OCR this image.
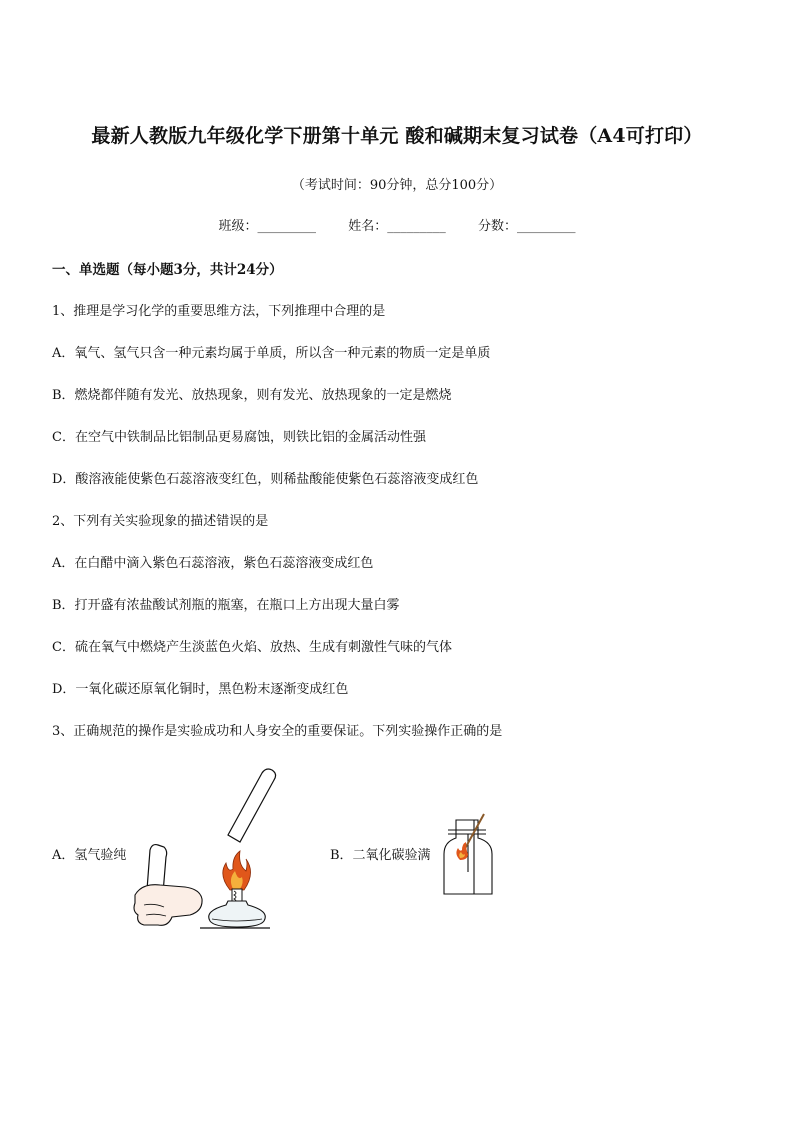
最新人教版九年级化学下册第十单元 酸和碱期末复习试卷（A4可打印）
（考试时间：90分钟，总分100分）
班级：_________ 姓名：_________ 分数：_________
一、单选题（每小题3分，共计24分）
1、推理是学习化学的重要思维方法，下列推理中合理的是
A．氧气、氢气只含一种元素均属于单质，所以含一种元素的物质一定是单质
B．燃烧都伴随有发光、放热现象，则有发光、放热现象的一定是燃烧
C．在空气中铁制品比铝制品更易腐蚀，则铁比铝的金属活动性强
D．酸溶液能使紫色石蕊溶液变红色，则稀盐酸能使紫色石蕊溶液变成红色
2、下列有关实验现象的描述错误的是
A．在白醋中滴入紫色石蕊溶液，紫色石蕊溶液变成红色
B．打开盛有浓盐酸试剂瓶的瓶塞，在瓶口上方出现大量白雾
C．硫在氧气中燃烧产生淡蓝色火焰、放热、生成有刺激性气味的气体
D．一氧化碳还原氧化铜时，黑色粉末逐渐变成红色
3、正确规范的操作是实验成功和人身安全的重要保证。下列实验操作正确的是
A．氢气验纯	B．二氧化碳验满
